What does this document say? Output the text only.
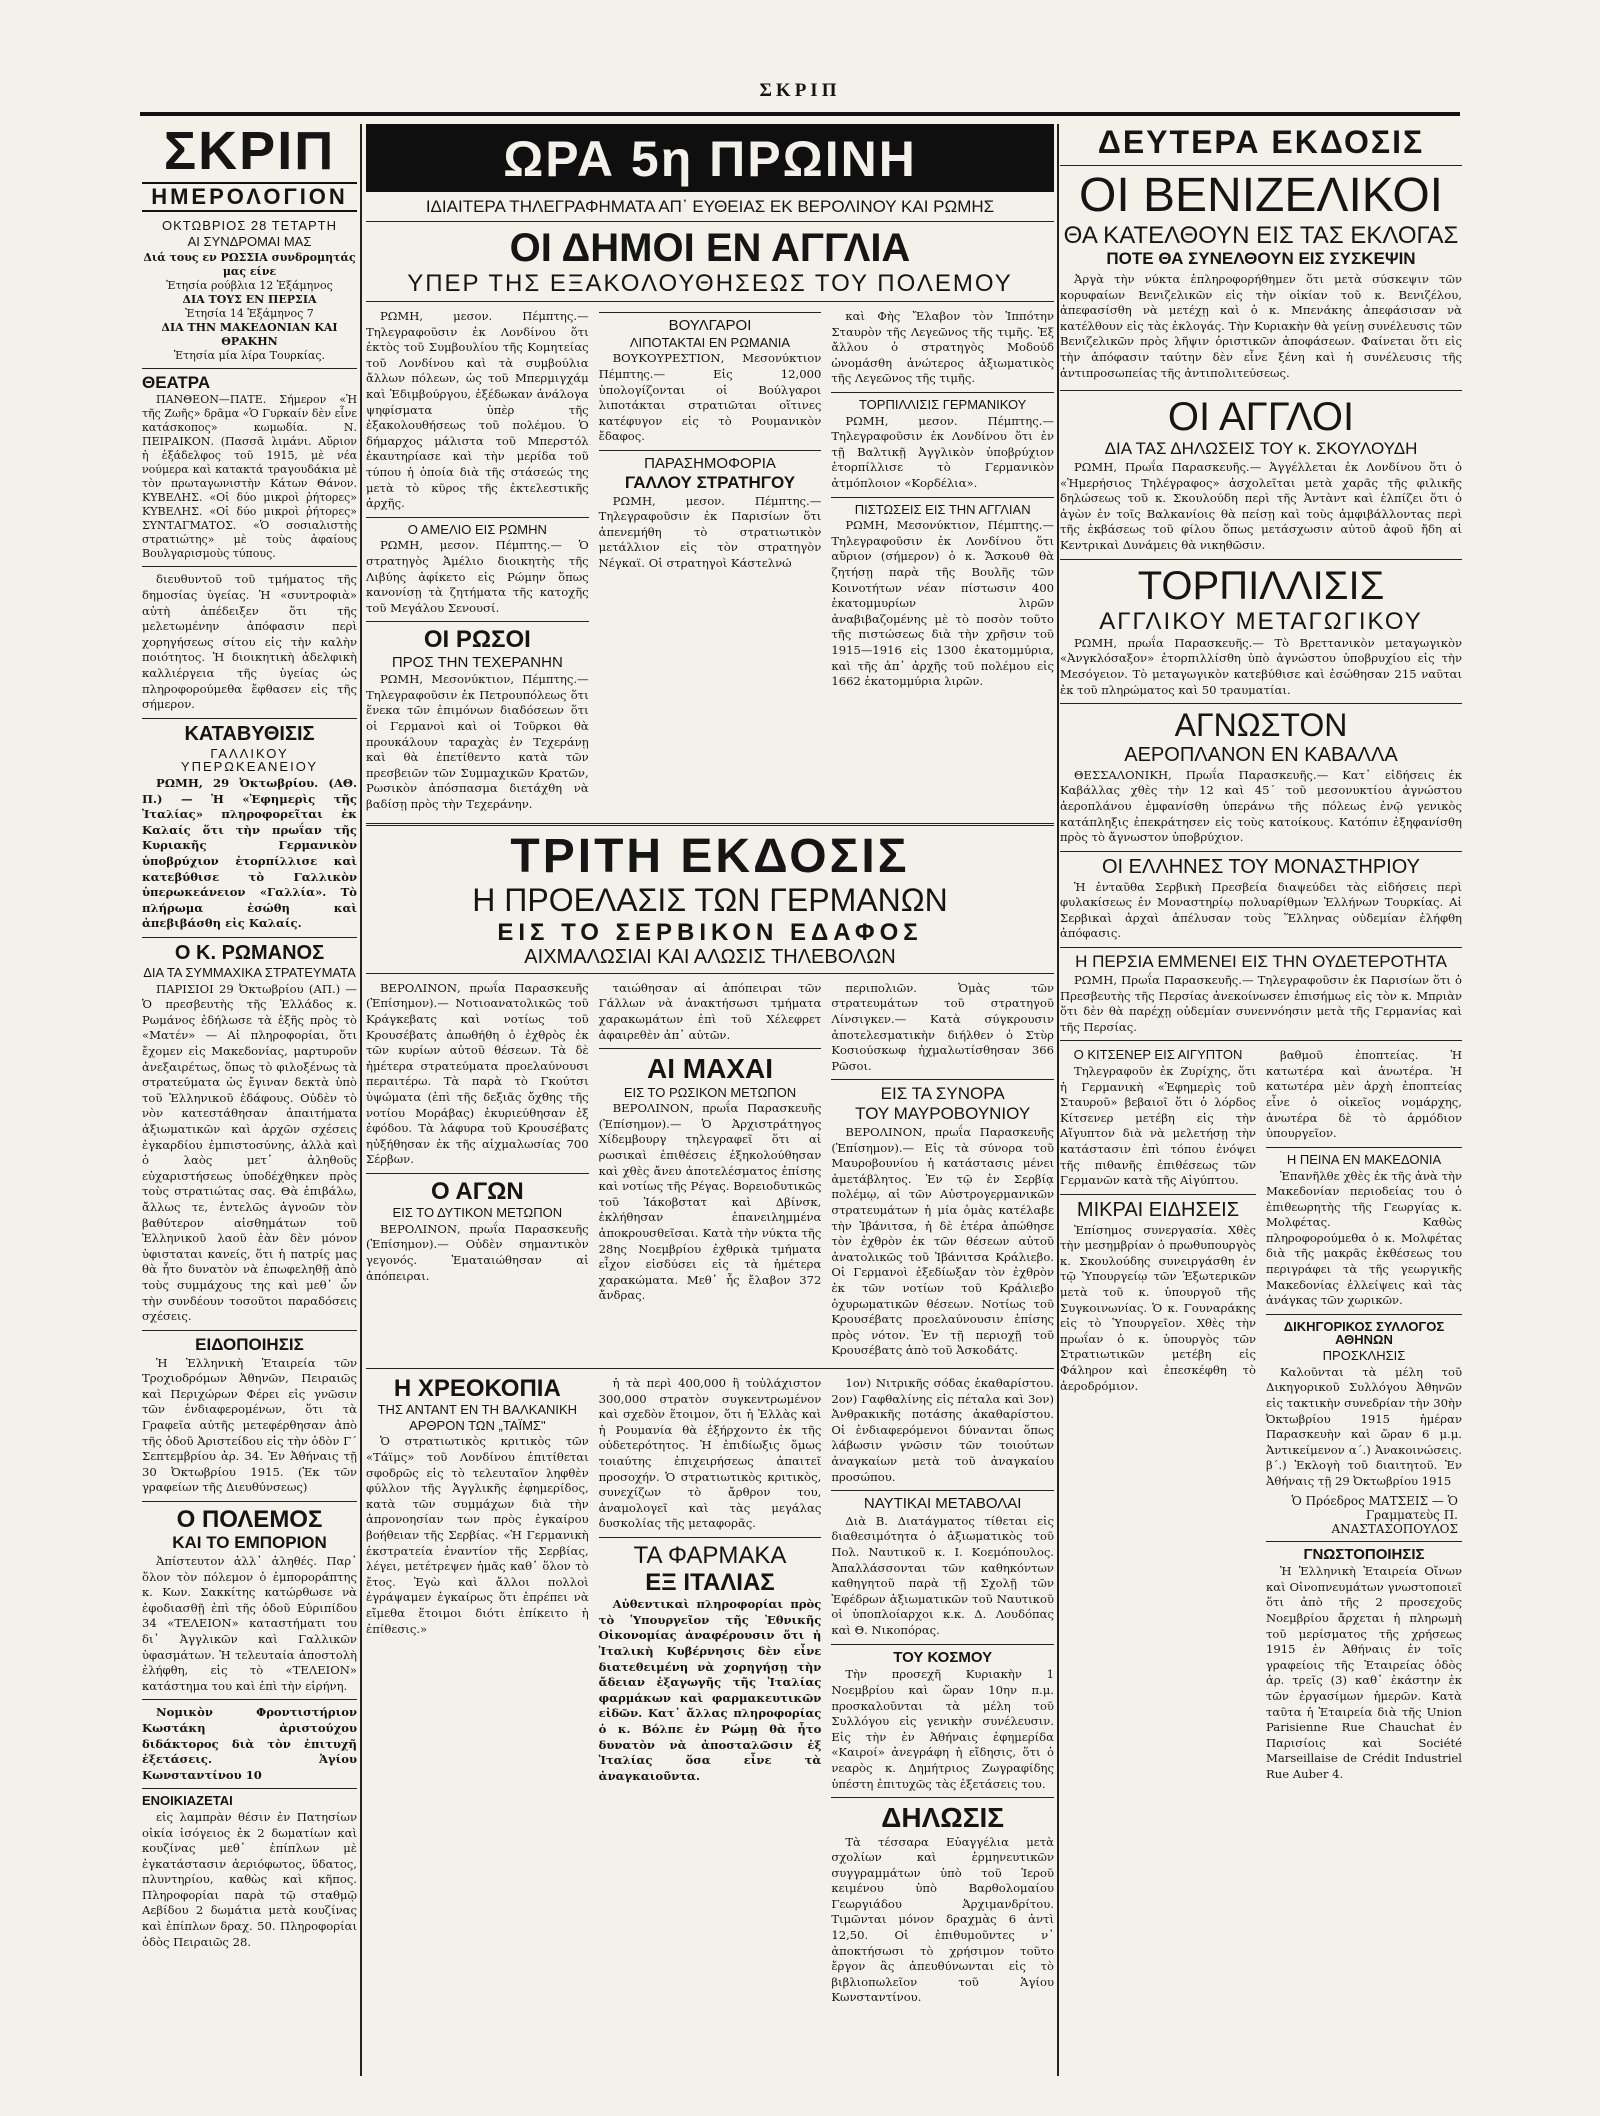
ΣΚΡΙΠ
ΣΚΡΙΠ
ΗΜΕΡΟΛΟΓΙΟΝ
ΟΚΤΩΒΡΙΟΣ 28 ΤΕΤΑΡΤΗ
ΑΙ ΣΥΝΔΡΟΜΑΙ ΜΑΣ
Διά τους εν ΡΩΣΣΙΑ συνδρομητάς μας είνε
Ἑτησία ρούβλια 12 Ἑξάμηνος
ΔΙΑ ΤΟΥΣ ΕΝ ΠΕΡΣΙΑ
Ἑτησία 14 Ἑξάμηνος 7
ΔΙΑ ΤΗΝ ΜΑΚΕΔΟΝΙΑΝ ΚΑΙ ΘΡΑΚΗΝ
Ἑτησία μία λίρα Τουρκίας.
ΘΕΑΤΡΑ

ΠΑΝΘΕΟΝ—ΠΑΤΕ. Σήμερον «Ἡ τῆς Ζωῆς» δρᾶμα «Ὁ Γυρκαίν δὲν εἶνε κατάσκοπος» κωμωδία. Ν. ΠΕΙΡΑΙΚΟΝ. (Πασσᾶ λιμάνι. Αὔριον ἡ ἐξάδελφος τοῦ 1915, μὲ νέα νούμερα καὶ κατακτά τραγουδάκια μὲ τὸν πρωταγωνιστὴν Κάτων Θάνον. ΚΥΒΕΛΗΣ. «Οἱ δύο μικροὶ ῥήτορες» ΚΥΒΕΛΗΣ. «Οἱ δύο μικροὶ ῥήτορες» ΣΥΝΤΑΓΜΑΤΟΣ. «Ὁ σοσιαλιστὴς στρατιώτης» μὲ τοὺς ἀφαίους Βουλγαρισμοὺς τύπους.

διευθυντοῦ τοῦ τμήματος τῆς δημοσίας ὑγείας. Ἡ «συντροφιὰ» αὐτὴ ἀπέδειξεν ὅτι τῆς μελετωμένην ἀπόφασιν περὶ χορηγήσεως σίτου εἰς τὴν καλὴν ποιότητος. Ἡ διοικητικὴ ἀδελφικὴ καλλιέργεια τῆς ὑγείας ὡς πληροφορούμεθα ἔφθασεν εἰς τῆς σήμερον.

ΚΑΤΑΒΥΘΙΣΙΣ
ΓΑΛΛΙΚΟΥ ΥΠΕΡΩΚΕΑΝΕΙΟΥ

ΡΩΜΗ, 29 Ὀκτωβρίου. (ΑΘ. Π.) — Ἡ «Ἐφημερὶς τῆς Ἰταλίας» πληροφορεῖται ἐκ Καλαίς ὅτι τὴν πρωΐαν τῆς Κυριακῆς Γερμανικὸν ὑποβρύχιον ἐτορπίλλισε καὶ κατεβύθισε τὸ Γαλλικὸν ὑπερωκεάνειον «Γαλλία». Τὸ πλήρωμα ἐσώθη καὶ ἀπεβιβάσθη εἰς Καλαίς.

Ο Κ. ΡΩΜΑΝΟΣ
ΔΙΑ ΤΑ ΣΥΜΜΑΧΙΚΑ ΣΤΡΑΤΕΥΜΑΤΑ

ΠΑΡΙΣΙΟΙ 29 Ὀκτωβρίου (ΑΠ.) — Ὁ πρεσβευτὴς τῆς Ἑλλάδος κ. Ρωμάνος ἐδήλωσε τὰ ἑξῆς πρὸς τὸ «Ματέν» — Αἱ πληροφορίαι, ὅτι ἔχομεν εἰς Μακεδονίας, μαρτυροῦν ἀνεξαιρέτως, ὅπως τὸ φιλοξένως τὰ στρατεύματα ὡς ἔγιναν δεκτὰ ὑπὸ τοῦ Ἑλληνικοῦ ἐδάφους. Οὐδὲν τὸ νὸν κατεστάθησαν ἀπαιτήματα ἀξιωματικῶν καὶ ἀρχῶν σχέσεις ἐγκαρδίου ἐμπιστοσύνης, ἀλλὰ καὶ ὁ λαὸς μετ᾽ ἀληθοῦς εὐχαριστήσεως ὑποδέχθηκεν πρὸς τοὺς στρατιώτας σας. Θὰ ἐπιβάλω, ἄλλως τε, ἐντελῶς ἀγνοῶν τὸν βαθύτερον αἰσθημάτων τοῦ Ἑλληνικοῦ λαοῦ ἐὰν δὲν μόνον ὑφισταται κανείς, ὅτι ἡ πατρίς μας θὰ ἦτο δυνατὸν νὰ ἐπωφεληθῇ ἀπὸ τοὺς συμμάχους της καὶ μεθ᾽ ὧν τὴν συνδέουν τοσοῦτοι παραδόσεις σχέσεις.

ΕΙΔΟΠΟΙΗΣΙΣ

Ἡ Ἑλληνικὴ Ἑταιρεία τῶν Τροχιοδρόμων Ἀθηνῶν, Πειραιῶς καὶ Περιχώρων Φέρει εἰς γνῶσιν τῶν ἐνδιαφερομένων, ὅτι τὰ Γραφεῖα αὐτῆς μετεφέρθησαν ἀπὸ τῆς ὁδοῦ Ἀριστείδου εἰς τὴν ὁδὸν Γ΄ Σεπτεμβρίου ἀρ. 34. Ἐν Ἀθήναις τῇ 30 Ὀκτωβρίου 1915. (Ἐκ τῶν γραφείων τῆς Διευθύνσεως)

Ο ΠΟΛΕΜΟΣ
ΚΑΙ ΤΟ ΕΜΠΟΡΙΟΝ

Ἀπίστευτον ἀλλ᾽ ἀληθές. Παρ᾽ ὅλον τὸν πόλεμον ὁ ἐμποροράπτης κ. Κων. Σακκίτης κατώρθωσε νὰ ἐφοδιασθῇ ἐπὶ τῆς ὁδοῦ Εὐριπίδου 34 «ΤΕΛΕΙΟΝ» καταστήματι του δι᾽ Ἀγγλικῶν καὶ Γαλλικῶν ὑφασμάτων. Ἡ τελευταία ἀποστολὴ ἐλήφθη, εἰς τὸ «ΤΕΛΕΙΟΝ» κατάστημα του καὶ ἐπὶ τὴν εἰρήνη.

Νομικὸν Φροντιστήριον Κωστάκη ἀριστούχου διδάκτορος διὰ τὸν ἐπιτυχῆ ἐξετάσεις. Ἁγίου Κωνσταντίνου 10

ΕΝΟΙΚΙΑΖΕΤΑΙ

εἰς λαμπρὰν θέσιν ἐν Πατησίων οἰκία ἰσόγειος ἐκ 2 δωματίων καὶ κουζίνας μεθ᾽ ἐπίπλων μὲ ἐγκατάστασιν ἀεριόφωτος, ὕδατος, πλυντηρίου, καθὼς καὶ κῆπος. Πληροφορίαι παρὰ τῷ σταθμῷ Αεβίδου 2 δωμάτια μετὰ κουζίνας καὶ ἐπίπλων δραχ. 50. Πληροφορίαι ὁδὸς Πειραιῶς 28.

ΩΡΑ 5η ΠΡΩΙΝΗ
ΙΔΙΑΙΤΕΡΑ ΤΗΛΕΓΡΑΦΗΜΑΤΑ ΑΠ᾽ ΕΥΘΕΙΑΣ ΕΚ ΒΕΡΟΛΙΝΟΥ ΚΑΙ ΡΩΜΗΣ
ΟΙ ΔΗΜΟΙ ΕΝ ΑΓΓΛΙΑ
ΥΠΕΡ ΤΗΣ ΕΞΑΚΟΛΟΥΘΗΣΕΩΣ ΤΟΥ ΠΟΛΕΜΟΥ

ΡΩΜΗ, μεσον. Πέμπτης.— Τηλεγραφοῦσιν ἐκ Λονδίνου ὅτι ἐκτὸς τοῦ Συμβουλίου τῆς Κομητείας τοῦ Λονδίνου καὶ τὰ συμβούλια ἄλλων πόλεων, ὡς τοῦ Μπερμιγχάμ καὶ Ἐδιμβούργου, ἐξέδωκαν ἀνάλογα ψηφίσματα ὑπὲρ τῆς ἐξακολουθήσεως τοῦ πολέμου. Ὁ δήμαρχος μάλιστα τοῦ Μπερστόλ ἐκαυτηρίασε καὶ τὴν μερίδα τοῦ τύπου ἡ ὁποία διὰ τῆς στάσεώς της μετὰ τὸ κῦρος τῆς ἐκτελεστικῆς ἀρχῆς.

Ο ΑΜΕΛΙΟ ΕΙΣ ΡΩΜΗΝ

ΡΩΜΗ, μεσον. Πέμπτης.— Ὁ στρατηγὸς Ἀμέλιο διοικητὴς τῆς Λιβύης ἀφίκετο εἰς Ρώμην ὅπως κανονίσῃ τὰ ζητήματα τῆς κατοχῆς τοῦ Μεγάλου Σενουσί.

ΟΙ ΡΩΣΟΙ
ΠΡΟΣ ΤΗΝ ΤΕΧΕΡΑΝΗΝ

ΡΩΜΗ, Μεσονύκτιον, Πέμπτης.— Τηλεγραφοῦσιν ἐκ Πετρουπόλεως ὅτι ἕνεκα τῶν ἐπιμόνων διαδόσεων ὅτι οἱ Γερμανοὶ καὶ οἱ Τοῦρκοι θὰ προυκάλουν ταραχὰς ἐν Τεχεράνῃ καὶ θὰ ἐπετίθεντο κατὰ τῶν πρεσβειῶν τῶν Συμμαχικῶν Κρατῶν, Ρωσικὸν ἀπόσπασμα διετάχθη νὰ βαδίσῃ πρὸς τὴν Τεχεράνην.

ΒΟΥΛΓΑΡΟΙ
ΛΙΠΟΤΑΚΤΑΙ ΕΝ ΡΩΜΑΝΙΑ

ΒΟΥΚΟΥΡΕΣΤΙΟΝ, Μεσονύκτιον Πέμπτης.— Εἰς 12,000 ὑπολογίζονται οἱ Βούλγαροι λιποτάκται στρατιῶται οἵτινες κατέφυγον εἰς τὸ Ρουμανικὸν ἔδαφος.

ΠΑΡΑΣΗΜΟΦΟΡΙΑ
ΓΑΛΛΟΥ ΣΤΡΑΤΗΓΟΥ

ΡΩΜΗ, μεσον. Πέμπτης.— Τηλεγραφοῦσιν ἐκ Παρισίων ὅτι ἀπενεμήθη τὸ στρατιωτικὸν μετάλλιον εἰς τὸν στρατηγὸν Νέγκαϊ. Οἱ στρατηγοὶ Κάστελνώ

καὶ Φὴς Ἔλαβον τὸν Ἱππότην Σταυρὸν τῆς Λεγεῶνος τῆς τιμῆς. Ἐξ ἄλλου ὁ στρατηγὸς Μοδούδ ὠνομάσθη ἀνώτερος ἀξιωματικὸς τῆς Λεγεῶνος τῆς τιμῆς.

ΤΟΡΠΙΛΛΙΣΙΣ ΓΕΡΜΑΝΙΚΟΥ

ΡΩΜΗ, μεσον. Πέμπτης.— Τηλεγραφοῦσιν ἐκ Λονδίνου ὅτι ἐν τῇ Βαλτικῇ Ἀγγλικὸν ὑποβρύχιον ἐτορπίλλισε τὸ Γερμανικὸν ἀτμόπλοιον «Κορδέλια».

ΠΙΣΤΩΣΕΙΣ ΕΙΣ ΤΗΝ ΑΓΓΛΙΑΝ

ΡΩΜΗ, Μεσονύκτιον, Πέμπτης.— Τηλεγραφοῦσιν ἐκ Λονδίνου ὅτι αὔριον (σήμερον) ὁ κ. Ἄσκουθ θὰ ζητήσῃ παρὰ τῆς Βουλῆς τῶν Κοινοτήτων νέαν πίστωσιν 400 ἑκατομμυρίων λιρῶν ἀναβιβαζομένης μὲ τὸ ποσὸν τοῦτο τῆς πιστώσεως διὰ τὴν χρῆσιν τοῦ 1915—1916 εἰς 1300 ἑκατομμύρια, καὶ τῆς ἀπ᾽ ἀρχῆς τοῦ πολέμου εἰς 1662 ἑκατομμύρια λιρῶν.

ΤΡΙΤΗ ΕΚΔΟΣΙΣ
Η ΠΡΟΕΛΑΣΙΣ ΤΩΝ ΓΕΡΜΑΝΩΝ
ΕΙΣ ΤΟ ΣΕΡΒΙΚΟΝ ΕΔΑΦΟΣ
ΑΙΧΜΑΛΩΣΙΑΙ ΚΑΙ ΑΛΩΣΙΣ ΤΗΛΕΒΟΛΩΝ

ΒΕΡΟΛΙΝΟΝ, πρωΐα Παρασκευῆς (Ἐπίσημον).— Νοτιοανατολικῶς τοῦ Κράγκεβατς καὶ νοτίως τοῦ Κρουσέβατς ἀπωθήθη ὁ ἐχθρὸς ἐκ τῶν κυρίων αὐτοῦ θέσεων. Τὰ δὲ ἡμέτερα στρατεύματα προελαύνουσι περαιτέρω. Τὰ παρὰ τὸ Γκούτσι ὑψώματα (ἐπὶ τῆς δεξιᾶς ὄχθης τῆς νοτίου Μοράβας) ἐκυριεύθησαν ἐξ ἐφόδου. Τὰ λάφυρα τοῦ Κρουσέβατς ηὐξήθησαν ἐκ τῆς αἰχμαλωσίας 700 Σέρβων.

Ο ΑΓΩΝ
ΕΙΣ ΤΟ ΔΥΤΙΚΟΝ ΜΕΤΩΠΟΝ

ΒΕΡΟΛΙΝΟΝ, πρωΐα Παρασκευῆς (Ἐπίσημον).— Οὐδὲν σημαντικὸν γεγονός. Ἐματαιώθησαν αἱ ἀπόπειραι.

ταιώθησαν αἱ ἀπόπειραι τῶν Γάλλων νὰ ἀνακτήσωσι τμήματα χαρακωμάτων ἐπὶ τοῦ Χέλεφρετ ἀφαιρεθὲν ἀπ᾽ αὐτῶν.

ΑΙ ΜΑΧΑΙ
ΕΙΣ ΤΟ ΡΩΣΙΚΟΝ ΜΕΤΩΠΟΝ

ΒΕΡΟΛΙΝΟΝ, πρωΐα Παρασκευῆς (Ἐπίσημον).— Ὁ Ἀρχιστράτηγος Χίδεμβουργ τηλεγραφεῖ ὅτι αἱ ρωσικαὶ ἐπιθέσεις ἐξηκολούθησαν καὶ χθὲς ἄνευ ἀποτελέσματος ἐπίσης καὶ νοτίως τῆς Ρέγας. Βορειοδυτικῶς τοῦ Ἰάκοβστατ καὶ Δβίνσκ, ἐκλήθησαν ἐπανειλημμένα ἀποκρουσθεῖσαι. Κατὰ τὴν νύκτα τῆς 28ης Νοεμβρίου ἐχθρικὰ τμήματα εἶχον εἰσδύσει εἰς τὰ ἡμέτερα χαρακώματα. Μεθ᾽ ἧς ἔλαβον 372 ἄνδρας.

περιπολιῶν. Ὁμὰς τῶν στρατευμάτων τοῦ στρατηγοῦ Λίνσιγκεν.— Κατὰ σύγκρουσιν ἀποτελεσματικὴν διήλθεν ὁ Στὺρ Κοσιούσκωφ ἠχμαλωτίσθησαν 366 Ρῶσοι.

ΕΙΣ ΤΑ ΣΥΝΟΡΑ
ΤΟΥ ΜΑΥΡΟΒΟΥΝΙΟΥ

ΒΕΡΟΛΙΝΟΝ, πρωΐα Παρασκευῆς (Ἐπίσημον).— Εἰς τὰ σύνορα τοῦ Μαυροβουνίου ἡ κατάστασις μένει ἀμετάβλητος. Ἐν τῷ ἐν Σερβίᾳ πολέμῳ, αἱ τῶν Αὐστρογερμανικῶν στρατευμάτων ἡ μία ὁμὰς κατέλαβε τὴν Ἰβάνιτσα, ἡ δὲ ἑτέρα ἀπώθησε τὸν ἐχθρὸν ἐκ τῶν θέσεων αὐτοῦ ἀνατολικῶς τοῦ Ἰβάνιτσα Κράλιεβο. Οἱ Γερμανοὶ ἐξεδίωξαν τὸν ἐχθρὸν ἐκ τῶν νοτίων τοῦ Κράλιεβο ὀχυρωματικῶν θέσεων. Νοτίως τοῦ Κρουσέβατς προελαύνουσιν ἐπίσης πρὸς νότον. Ἐν τῇ περιοχῇ τοῦ Κρουσέβατς ἀπὸ τοῦ Ἀσκοδάτς.

Η ΧΡΕΟΚΟΠΙΑ
ΤΗΣ ΑΝΤΑΝΤ ΕΝ ΤΗ ΒΑΛΚΑΝΙΚΗ
ΑΡΘΡΟΝ ΤΩΝ „ΤΑΪΜΣ"

Ὁ στρατιωτικὸς κριτικὸς τῶν «Τάϊμς» τοῦ Λονδίνου ἐπιτίθεται σφοδρῶς εἰς τὸ τελευταῖον ληφθὲν φύλλον τῆς Ἀγγλικῆς ἐφημερίδος, κατὰ τῶν συμμάχων διὰ τὴν ἀπρονοησίαν των πρὸς ἐγκαίρου βοήθειαν τῆς Σερβίας. «Ἡ Γερμανικὴ ἐκστρατεία ἐναντίον τῆς Σερβίας, λέγει, μετέτρεψεν ἡμᾶς καθ᾽ ὅλον τὸ ἔτος. Ἐγὼ καὶ ἄλλοι πολλοὶ ἐγράψαμεν ἐγκαίρως ὅτι ἐπρέπει νὰ εἴμεθα ἕτοιμοι διότι ἐπίκειτο ἡ ἐπίθεσις.»

ἡ τὰ περὶ 400,000 ἢ τοὐλάχιστον 300,000 στρατὸν συγκεντρωμένον καὶ σχεδὸν ἕτοιμον, ὅτι ἡ Ἑλλὰς καὶ ἡ Ρουμανία θὰ ἐξήρχοντο ἐκ τῆς οὐδετερότητος. Ἡ ἐπιδίωξις ὅμως τοιαύτης ἐπιχειρήσεως ἀπαιτεῖ προσοχήν. Ὁ στρατιωτικὸς κριτικὸς, συνεχίζων τὸ ἄρθρον του, ἀναμολογεῖ καὶ τὰς μεγάλας δυσκολίας τῆς μεταφορᾶς.

ΤΑ ΦΑΡΜΑΚΑ
ΕΞ ΙΤΑΛΙΑΣ

Αὐθεντικαὶ πληροφορίαι πρὸς τὸ Ὑπουργεῖον τῆς Ἐθνικῆς Οἰκονομίας ἀναφέρουσιν ὅτι ἡ Ἰταλικὴ Κυβέρνησις δὲν εἶνε διατεθειμένη νὰ χορηγήσῃ τὴν ἄδειαν ἐξαγωγῆς τῆς Ἰταλίας φαρμάκων καὶ φαρμακευτικῶν εἰδῶν. Κατ᾽ ἄλλας πληροφορίας ὁ κ. Βόλπε ἐν Ρώμῃ θὰ ἦτο δυνατὸν νὰ ἀποσταλῶσιν ἐξ Ἰταλίας ὅσα εἶνε τὰ ἀναγκαιοῦντα.

1ον) Νιτρικῆς σόδας ἐκαθαρίστου. 2ον) Γαφθαλίνης εἰς πέταλα καὶ 3ον) Ἀνθρακικῆς ποτάσης ἀκαθαρίστου. Οἱ ἐνδιαφερόμενοι δύνανται ὅπως λάβωσιν γνῶσιν τῶν τοιούτων ἀναγκαίων μετὰ τοῦ ἀναγκαίου προσώπου.

ΝΑΥΤΙΚΑΙ ΜΕΤΑΒΟΛΑΙ

Διὰ Β. Διατάγματος τίθεται εἰς διαθεσιμότητα ὁ ἀξιωματικὸς τοῦ Πολ. Ναυτικοῦ κ. Ι. Κοεμόπουλος. Ἀπαλλάσσονται τῶν καθηκόντων καθηγητοῦ παρὰ τῇ Σχολῇ τῶν Ἐφέδρων ἀξιωματικῶν τοῦ Ναυτικοῦ οἱ ὑποπλοίαρχοι κ.κ. Δ. Λουδόπας καὶ Θ. Νικοπόρας.

ΤΟΥ ΚΟΣΜΟΥ

Τὴν προσεχῆ Κυριακὴν 1 Νοεμβρίου καὶ ὥραν 10ην π.μ. προσκαλοῦνται τὰ μέλη τοῦ Συλλόγου εἰς γενικὴν συνέλευσιν. Εἰς τὴν ἐν Ἀθήναις ἐφημερίδα «Καιροί» ἀνεγράφη ἡ εἴδησις, ὅτι ὁ νεαρὸς κ. Δημήτριος Ζωγραφίδης ὑπέστη ἐπιτυχῶς τὰς ἐξετάσεις του.

ΔΗΛΩΣΙΣ

Τὰ τέσσαρα Εὐαγγέλια μετὰ σχολίων καὶ ἑρμηνευτικῶν συγγραμμάτων ὑπὸ τοῦ Ἱεροῦ κειμένου ὑπὸ Βαρθολομαίου Γεωργιάδου Ἀρχιμανδρίτου. Τιμῶνται μόνον δραχμὰς 6 ἀντὶ 12,50. Οἱ ἐπιθυμοῦντες ν᾽ ἀποκτήσωσι τὸ χρήσιμον τοῦτο ἔργον ἂς ἀπευθύνωνται εἰς τὸ βιβλιοπωλεῖον τοῦ Ἁγίου Κωνσταντίνου.

ΔΕΥΤΕΡΑ ΕΚΔΟΣΙΣ
ΟΙ ΒΕΝΙΖΕΛΙΚΟΙ
ΘΑ ΚΑΤΕΛΘΟΥΝ ΕΙΣ ΤΑΣ ΕΚΛΟΓΑΣ
ΠΟΤΕ ΘΑ ΣΥΝΕΛΘΟΥΝ ΕΙΣ ΣΥΣΚΕΨΙΝ

Ἀργὰ τὴν νύκτα ἐπληροφορήθημεν ὅτι μετὰ σύσκεψιν τῶν κορυφαίων Βενιζελικῶν εἰς τὴν οἰκίαν τοῦ κ. Βενιζέλου, ἀπεφασίσθη νὰ μετέχῃ καὶ ὁ κ. Μπενάκης ἀπεφάσισαν νὰ κατέλθουν εἰς τὰς ἐκλογάς. Τὴν Κυριακὴν θὰ γείνῃ συνέλευσις τῶν Βενιζελικῶν πρὸς λῆψιν ὁριστικῶν ἀποφάσεων. Φαίνεται ὅτι εἰς τὴν ἀπόφασιν ταύτην δὲν εἶνε ξένη καὶ ἡ συνέλευσις τῆς ἀντιπροσωπείας τῆς ἀντιπολιτεύσεως.

ΟΙ ΑΓΓΛΟΙ
ΔΙΑ ΤΑΣ ΔΗΛΩΣΕΙΣ ΤΟΥ κ. ΣΚΟΥΛΟΥΔΗ

ΡΩΜΗ, Πρωΐα Παρασκευῆς.— Ἀγγέλλεται ἐκ Λονδίνου ὅτι ὁ «Ἡμερήσιος Τηλέγραφος» ἀσχολεῖται μετὰ χαρᾶς τῆς φιλικῆς δηλώσεως τοῦ κ. Σκουλούδη περὶ τῆς Ἀντὰντ καὶ ἐλπίζει ὅτι ὁ ἀγὼν ἐν τοῖς Βαλκανίοις θὰ πείσῃ καὶ τοὺς ἀμφιβάλλοντας περὶ τῆς ἐκβάσεως τοῦ φίλου ὅπως μετάσχωσιν αὐτοῦ ἀφοῦ ἤδη αἱ Κεντρικαὶ Δυνάμεις θὰ νικηθῶσιν.

ΤΟΡΠΙΛΛΙΣΙΣ
ΑΓΓΛΙΚΟΥ ΜΕΤΑΓΩΓΙΚΟΥ

ΡΩΜΗ, πρωΐα Παρασκευῆς.— Τὸ Βρεττανικὸν μεταγωγικὸν «Ἀνγκλόσαξον» ἐτορπιλλίσθη ὑπὸ ἀγνώστου ὑποβρυχίου εἰς τὴν Μεσόγειον. Τὸ μεταγωγικὸν κατεβύθισε καὶ ἐσώθησαν 215 ναῦται ἐκ τοῦ πληρώματος καὶ 50 τραυματίαι.

ΑΓΝΩΣΤΟΝ
ΑΕΡΟΠΛΑΝΟΝ ΕΝ ΚΑΒΑΛΛΑ

ΘΕΣΣΑΛΟΝΙΚΗ, Πρωΐα Παρασκευῆς.— Κατ᾽ εἰδήσεις ἐκ Καβάλλας χθὲς τὴν 12 καὶ 45΄ τοῦ μεσονυκτίου ἀγνώστου ἀεροπλάνου ἐμφανίσθη ὑπεράνω τῆς πόλεως ἐνῷ γενικὸς κατάπληξις ἐπεκράτησεν εἰς τοὺς κατοίκους. Κατόπιν ἐξηφανίσθη πρὸς τὸ ἄγνωστον ὑποβρύχιον.

ΟΙ ΕΛΛΗΝΕΣ ΤΟΥ ΜΟΝΑΣΤΗΡΙΟΥ

Ἡ ἐνταῦθα Σερβικὴ Πρεσβεία διαψεύδει τὰς εἰδήσεις περὶ φυλακίσεως ἐν Μοναστηρίῳ πολυαρίθμων Ἑλλήνων Τουρκίας. Αἱ Σερβικαὶ ἀρχαὶ ἀπέλυσαν τοὺς Ἕλληνας οὐδεμίαν ἐλήφθη ἀπόφασις.

Η ΠΕΡΣΙΑ ΕΜΜΕΝΕΙ ΕΙΣ ΤΗΝ ΟΥΔΕΤΕΡΟΤΗΤΑ

ΡΩΜΗ, Πρωΐα Παρασκευῆς.— Τηλεγραφοῦσιν ἐκ Παρισίων ὅτι ὁ Πρεσβευτὴς τῆς Περσίας ἀνεκοίνωσεν ἐπισήμως εἰς τὸν κ. Μπριὰν ὅτι δὲν θὰ παρέχῃ οὐδεμίαν συνεννόησιν μετὰ τῆς Γερμανίας καὶ τῆς Περσίας.

Ο ΚΙΤΣΕΝΕΡ ΕΙΣ ΑΙΓΥΠΤΟΝ

Τηλεγραφοῦν ἐκ Ζυρίχης, ὅτι ἡ Γερμανικὴ «Ἐφημερὶς τοῦ Σταυροῦ» βεβαιοῖ ὅτι ὁ λόρδος Κίτσενερ μετέβη εἰς τὴν Αἴγυπτον διὰ νὰ μελετήσῃ τὴν κατάστασιν ἐπὶ τόπου ἐνόψει τῆς πιθανῆς ἐπιθέσεως τῶν Γερμανῶν κατὰ τῆς Αἰγύπτου.

ΜΙΚΡΑΙ ΕΙΔΗΣΕΙΣ

Ἐπίσημος συνεργασία. Χθὲς τὴν μεσημβρίαν ὁ πρωθυπουργὸς κ. Σκουλούδης συνειργάσθη ἐν τῷ Ὑπουργείῳ τῶν Ἐξωτερικῶν μετὰ τοῦ κ. ὑπουργοῦ τῆς Συγκοινωνίας. Ὁ κ. Γουναράκης εἰς τὸ Ὑπουργεῖον. Χθὲς τὴν πρωΐαν ὁ κ. ὑπουργὸς τῶν Στρατιωτικῶν μετέβη εἰς Φάληρον καὶ ἐπεσκέφθη τὸ ἀεροδρόμιον.

βαθμοῦ ἐποπτείας. Ἡ κατωτέρα καὶ ἀνωτέρα. Ἡ κατωτέρα μὲν ἀρχὴ ἐποπτείας εἶνε ὁ οἰκεῖος νομάρχης, ἀνωτέρα δὲ τὸ ἁρμόδιον ὑπουργεῖον.

Η ΠΕΙΝΑ ΕΝ ΜΑΚΕΔΟΝΙΑ

Ἐπανῆλθε χθὲς ἐκ τῆς ἀνὰ τὴν Μακεδονίαν περιοδείας του ὁ ἐπιθεωρητὴς τῆς Γεωργίας κ. Μολφέτας. Καθὼς πληροφορούμεθα ὁ κ. Μολφέτας διὰ τῆς μακρᾶς ἐκθέσεως του περιγράφει τὰ τῆς γεωργικῆς Μακεδονίας ἐλλείψεις καὶ τὰς ἀνάγκας τῶν χωρικῶν.

ΔΙΚΗΓΟΡΙΚΟΣ ΣΥΛΛΟΓΟΣ ΑΘΗΝΩΝ
ΠΡΟΣΚΛΗΣΙΣ

Καλοῦνται τὰ μέλη τοῦ Δικηγορικοῦ Συλλόγου Ἀθηνῶν εἰς τακτικὴν συνεδρίαν τὴν 30ὴν Ὀκτωβρίου 1915 ἡμέραν Παρασκευὴν καὶ ὥραν 6 μ.μ. Ἀντικείμενον α΄.) Ἀνακοινώσεις. β΄.) Ἐκλογὴ τοῦ διαιτητοῦ. Ἐν Ἀθήναις τῇ 29 Ὀκτωβρίου 1915

Ὁ Πρόεδρος ΜΑΤΣΕΙΣ — Ὁ Γραμματεὺς Π. ΑΝΑΣΤΑΣΟΠΟΥΛΟΣ
ΓΝΩΣΤΟΠΟΙΗΣΙΣ

Ἡ Ἑλληνικὴ Ἑταιρεία Οἴνων καὶ Οἰνοπνευμάτων γνωστοποιεῖ ὅτι ἀπὸ τῆς 2 προσεχοῦς Νοεμβρίου ἄρχεται ἡ πληρωμὴ τοῦ μερίσματος τῆς χρήσεως 1915 ἐν Ἀθήναις ἐν τοῖς γραφείοις τῆς Ἑταιρείας ὁδὸς ἀρ. τρεῖς (3) καθ᾽ ἑκάστην ἐκ τῶν ἐργασίμων ἡμερῶν. Κατὰ ταῦτα ἡ Ἑταιρεία διὰ τῆς Union Parisienne Rue Chauchat ἐν Παρισίοις καὶ Société Marseillaise de Crédit Industriel Rue Auber 4.
